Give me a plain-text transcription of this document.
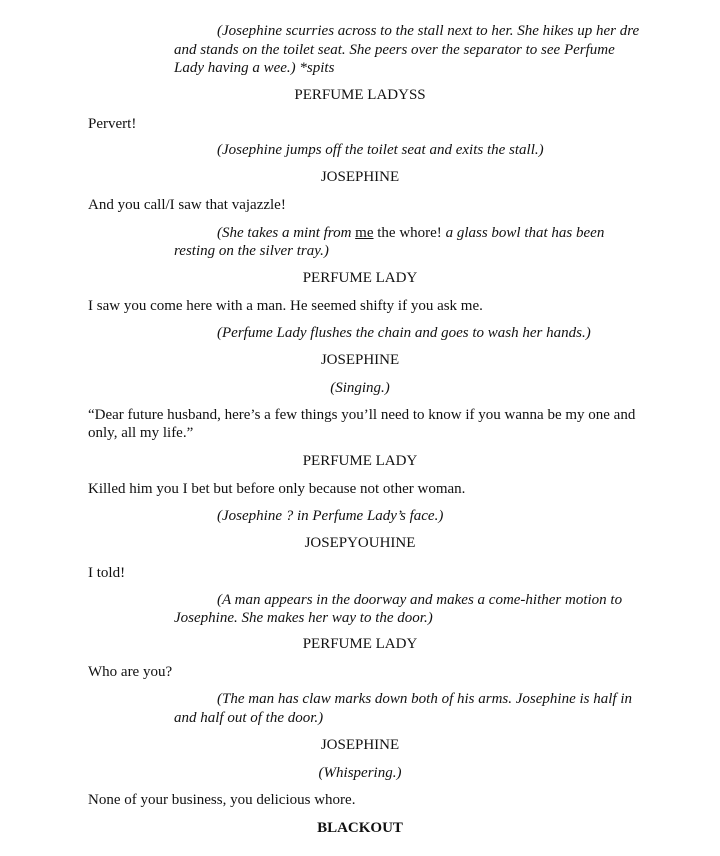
(Josephine scurries across to the stall next to her. She hikes up her dre
and stands on the toilet seat. She peers over the separator to see Perfume
Lady having a wee.) *spits
PERFUME LADYSS
Pervert!
(Josephine jumps off the toilet seat and exits the stall.)
JOSEPHINE
And you call/I saw that vajazzle!
(She takes a mint from me the whore! a glass bowl that has been
resting on the silver tray.)
PERFUME LADY
I saw you come here with a man. He seemed shifty if you ask me.
(Perfume Lady flushes the chain and goes to wash her hands.)
JOSEPHINE
(Singing.)
“Dear future husband, here’s a few things you’ll need to know if you wanna be my one and
only, all my life.”
PERFUME LADY
Killed him you I bet but before only because not other woman.
(Josephine ? in Perfume Lady’s face.)
JOSEPYOUHINE
I told!
(A man appears in the doorway and makes a come-hither motion to
Josephine. She makes her way to the door.)
PERFUME LADY
Who are you?
(The man has claw marks down both of his arms. Josephine is half in
and half out of the door.)
JOSEPHINE
(Whispering.)
None of your business, you delicious whore.
BLACKOUT
